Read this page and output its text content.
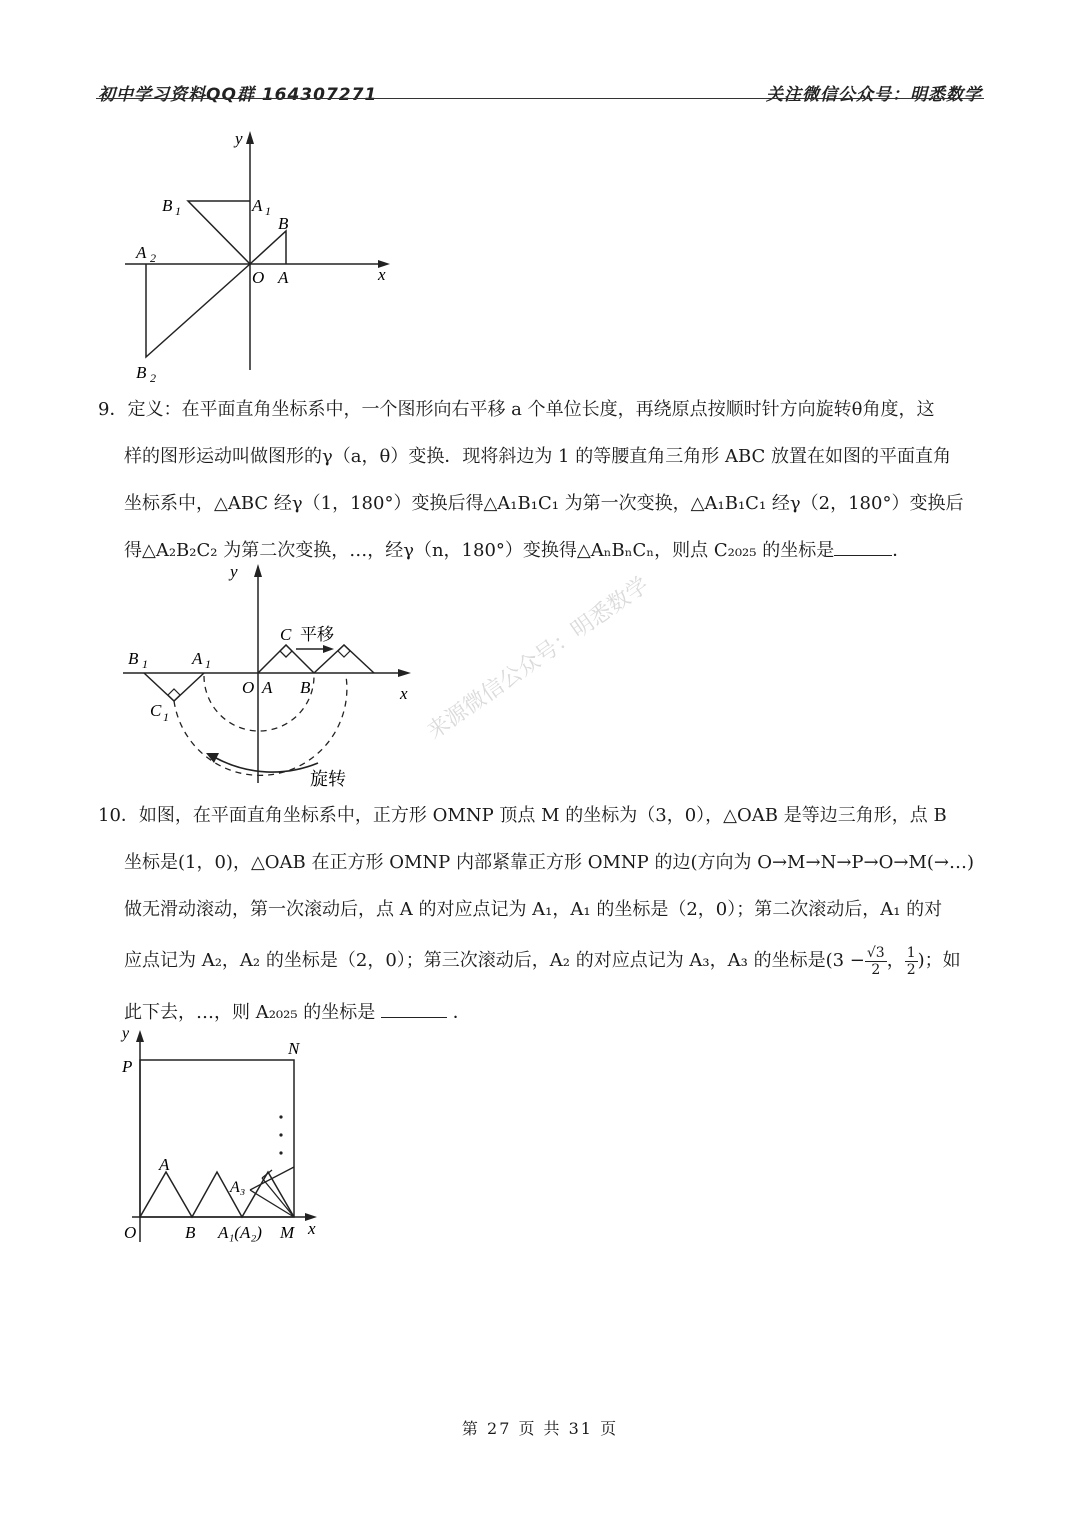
初中学习资料QQ群 164307271	关注微信公众号：明悉数学
y
x
O A
B
A 1
B 1
A 2
B 2

9．定义：在平面直角坐标系中，一个图形向右平移 a 个单位长度，再绕原点按顺时针方向旋转θ角度，这

样的图形运动叫做图形的γ（a，θ）变换．现将斜边为 1 的等腰直角三角形 ABC 放置在如图的平面直角

坐标系中，△ABC 经γ（1，180°）变换后得△A₁B₁C₁ 为第一次变换，△A₁B₁C₁ 经γ（2，180°）变换后

得△A₂B₂C₂ 为第二次变换，…，经γ（n，180°）变换得△AₙBₙCₙ，则点 C₂₀₂₅ 的坐标是	．

y
x
O A B
C 平移
B 1	A 1
C 1
旋转
来源微信公众号：明悉数学

10．如图，在平面直角坐标系中，正方形 OMNP 顶点 M 的坐标为（3，0），△OAB 是等边三角形，点 B

坐标是(1，0)，△OAB 在正方形 OMNP 内部紧靠正方形 OMNP 的边(方向为 O→M→N→P→O→M(→…)

做无滑动滚动，第一次滚动后，点 A 的对应点记为 A₁，A₁ 的坐标是（2，0）；第二次滚动后，A₁ 的对

应点记为 A₂，A₂ 的坐标是（2，0）；第三次滚动后，A₂ 的对应点记为 A₃，A₃ 的坐标是($3 - \frac{√3}{2}$ ， $\frac{1}{2}$ )；如

此下去，…，则 A₂₀₂₅ 的坐标是	．

y
x
P
N
O
A
B A₁(A₂) M
A₃
第 27 页 共 31 页
